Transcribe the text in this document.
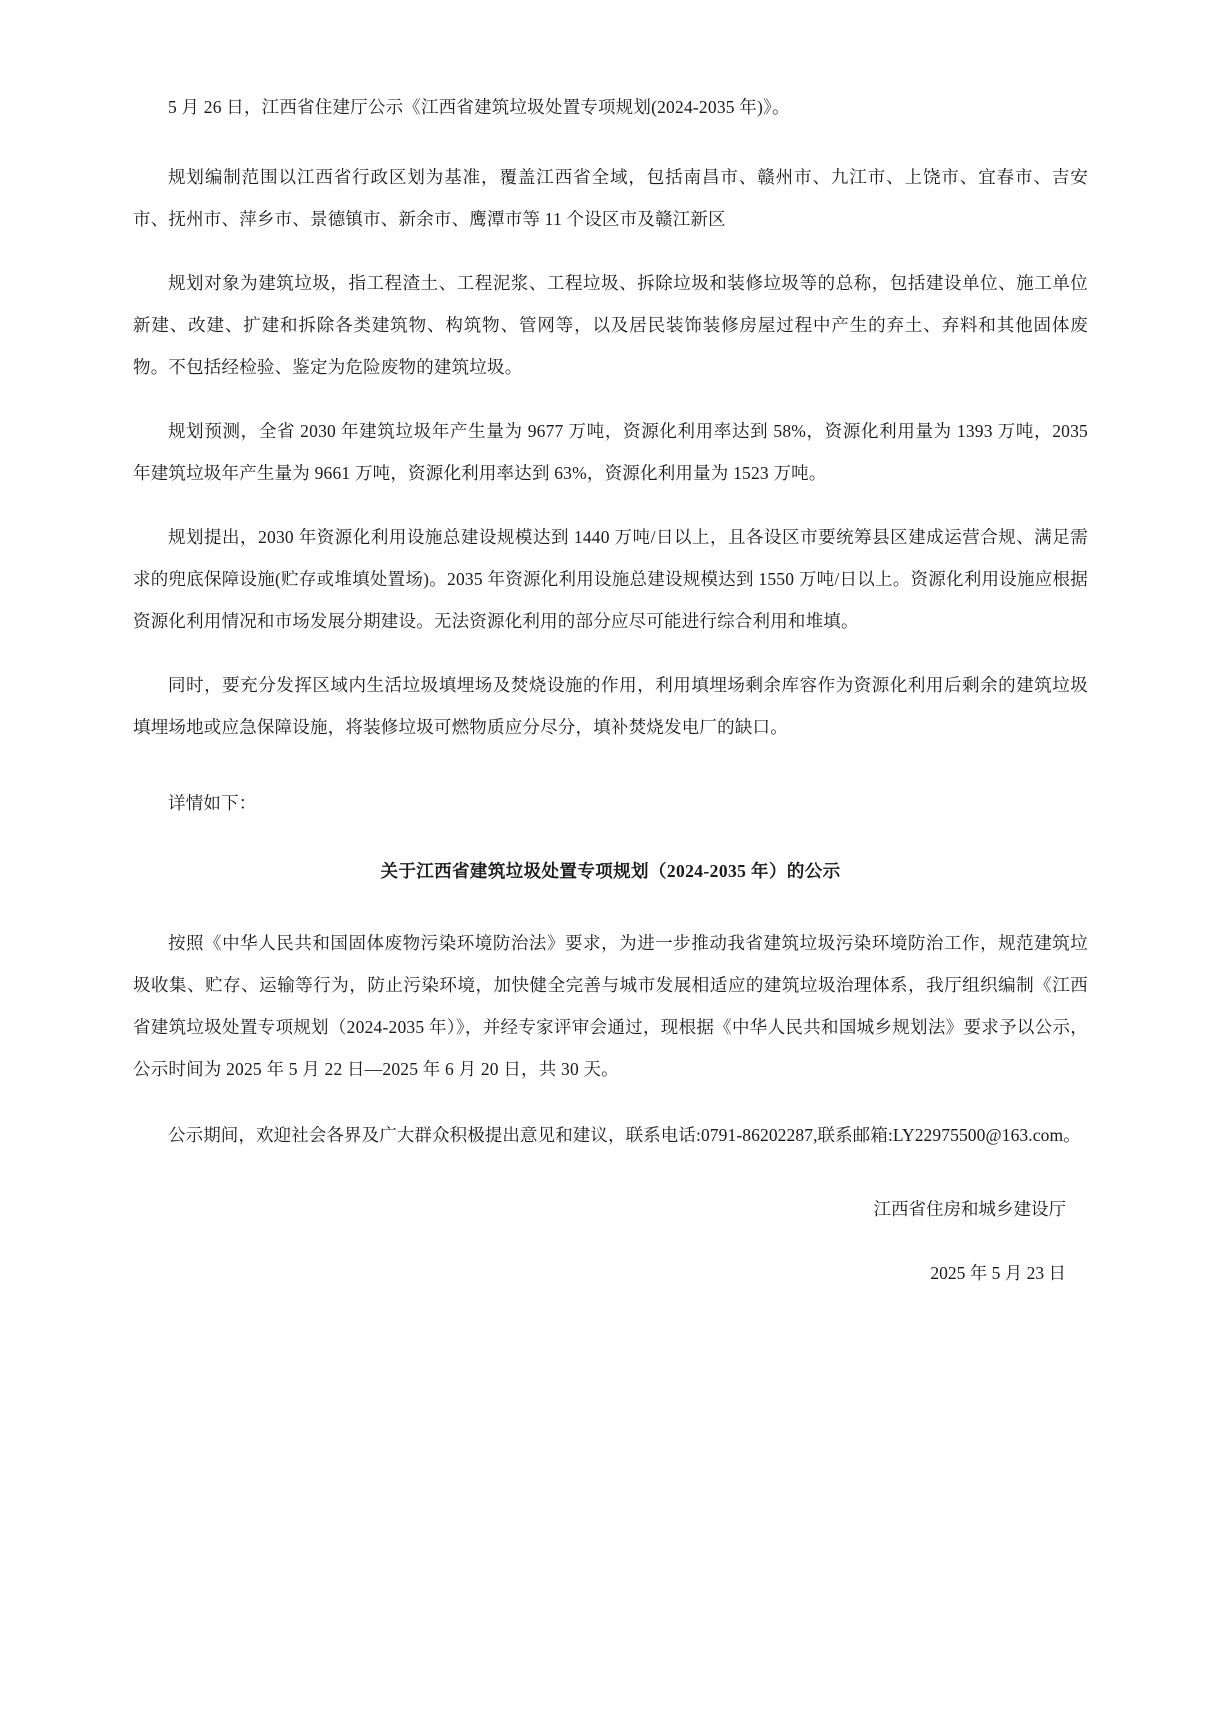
5 月 26 日，江西省住建厅公示《江西省建筑垃圾处置专项规划(2024-2035 年)》。

规划编制范围以江西省行政区划为基准，覆盖江西省全域，包括南昌市、赣州市、九江市、上饶市、宜春市、吉安市、抚州市、萍乡市、景德镇市、新余市、鹰潭市等 11 个设区市及赣江新区

规划对象为建筑垃圾，指工程渣土、工程泥浆、工程垃圾、拆除垃圾和装修垃圾等的总称，包括建设单位、施工单位新建、改建、扩建和拆除各类建筑物、构筑物、管网等，以及居民装饰装修房屋过程中产生的弃土、弃料和其他固体废物。不包括经检验、鉴定为危险废物的建筑垃圾。

规划预测，全省 2030 年建筑垃圾年产生量为 9677 万吨，资源化利用率达到 58%，资源化利用量为 1393 万吨，2035 年建筑垃圾年产生量为 9661 万吨，资源化利用率达到 63%，资源化利用量为 1523 万吨。

规划提出，2030 年资源化利用设施总建设规模达到 1440 万吨/日以上，且各设区市要统筹县区建成运营合规、满足需求的兜底保障设施(贮存或堆填处置场)。2035 年资源化利用设施总建设规模达到 1550 万吨/日以上。资源化利用设施应根据资源化利用情况和市场发展分期建设。无法资源化利用的部分应尽可能进行综合利用和堆填。

同时，要充分发挥区域内生活垃圾填埋场及焚烧设施的作用，利用填埋场剩余库容作为资源化利用后剩余的建筑垃圾填埋场地或应急保障设施，将装修垃圾可燃物质应分尽分，填补焚烧发电厂的缺口。

详情如下：

关于江西省建筑垃圾处置专项规划（2024-2035 年）的公示

按照《中华人民共和国固体废物污染环境防治法》要求，为进一步推动我省建筑垃圾污染环境防治工作，规范建筑垃圾收集、贮存、运输等行为，防止污染环境，加快健全完善与城市发展相适应的建筑垃圾治理体系，我厅组织编制《江西省建筑垃圾处置专项规划（2024-2035 年）》，并经专家评审会通过，现根据《中华人民共和国城乡规划法》要求予以公示，公示时间为 2025 年 5 月 22 日—2025 年 6 月 20 日，共 30 天。

公示期间，欢迎社会各界及广大群众积极提出意见和建议，联系电话:0791-86202287,联系邮箱:LY22975500@163.com。

江西省住房和城乡建设厅

2025 年 5 月 23 日
